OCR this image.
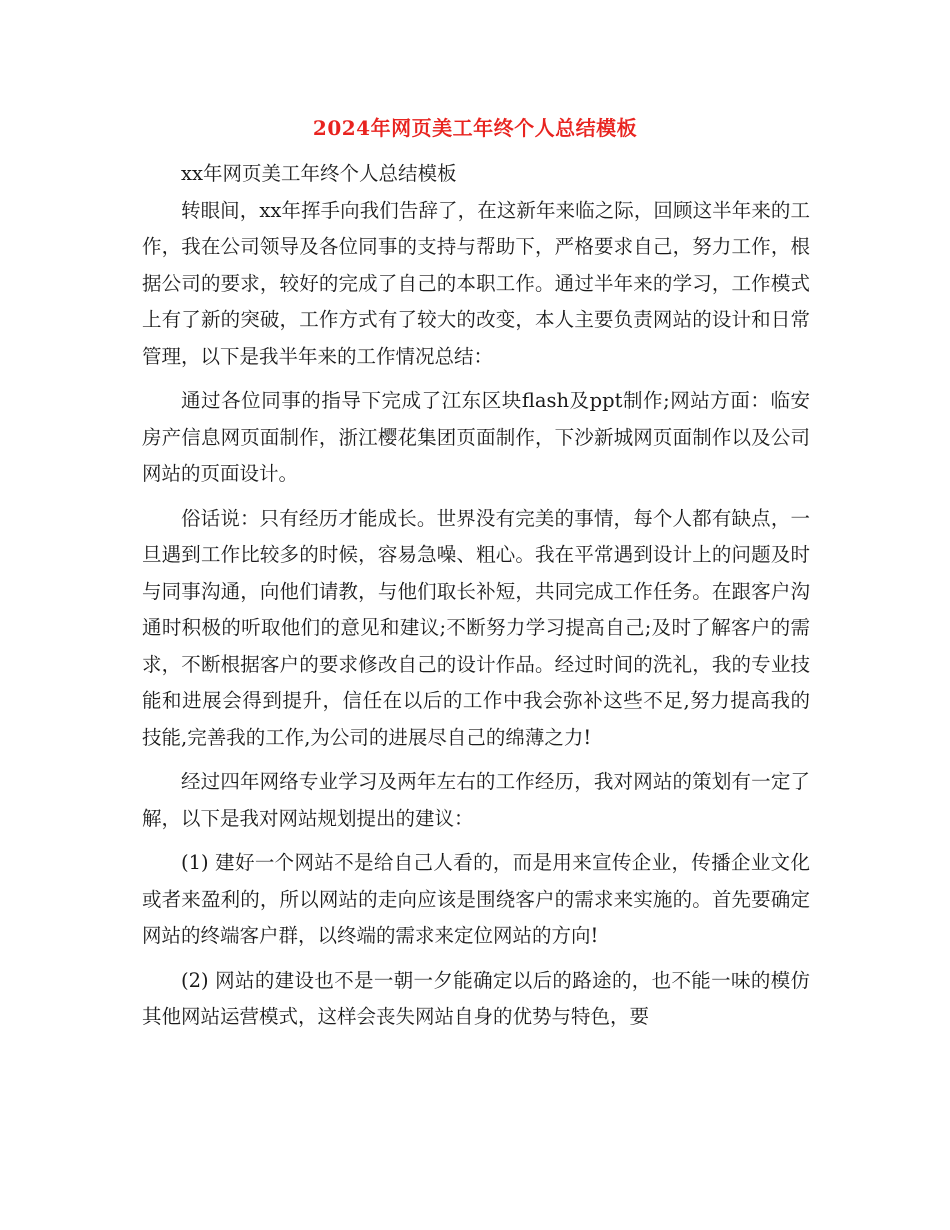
2024年网页美工年终个人总结模板

xx年网页美工年终个人总结模板

转眼间，xx年挥手向我们告辞了，在这新年来临之际，回顾这半年来的工作，我在公司领导及各位同事的支持与帮助下，严格要求自己，努力工作，根据公司的要求，较好的完成了自己的本职工作。通过半年来的学习，工作模式上有了新的突破，工作方式有了较大的改变，本人主要负责网站的设计和日常管理，以下是我半年来的工作情况总结：

通过各位同事的指导下完成了江东区块flash及ppt制作;网站方面：临安房产信息网页面制作，浙江樱花集团页面制作，下沙新城网页面制作以及公司网站的页面设计。

俗话说：只有经历才能成长。世界没有完美的事情，每个人都有缺点，一旦遇到工作比较多的时候，容易急噪、粗心。我在平常遇到设计上的问题及时与同事沟通，向他们请教，与他们取长补短，共同完成工作任务。在跟客户沟通时积极的听取他们的意见和建议;不断努力学习提高自己;及时了解客户的需求，不断根据客户的要求修改自己的设计作品。经过时间的洗礼，我的专业技能和进展会得到提升，信任在以后的工作中我会弥补这些不足,努力提高我的技能,完善我的工作,为公司的进展尽自己的绵薄之力!

经过四年网络专业学习及两年左右的工作经历，我对网站的策划有一定了解，以下是我对网站规划提出的建议：

(1) 建好一个网站不是给自己人看的，而是用来宣传企业，传播企业文化或者来盈利的，所以网站的走向应该是围绕客户的需求来实施的。首先要确定网站的终端客户群，以终端的需求来定位网站的方向!

(2) 网站的建设也不是一朝一夕能确定以后的路途的，也不能一味的模仿其他网站运营模式，这样会丧失网站自身的优势与特色，要
